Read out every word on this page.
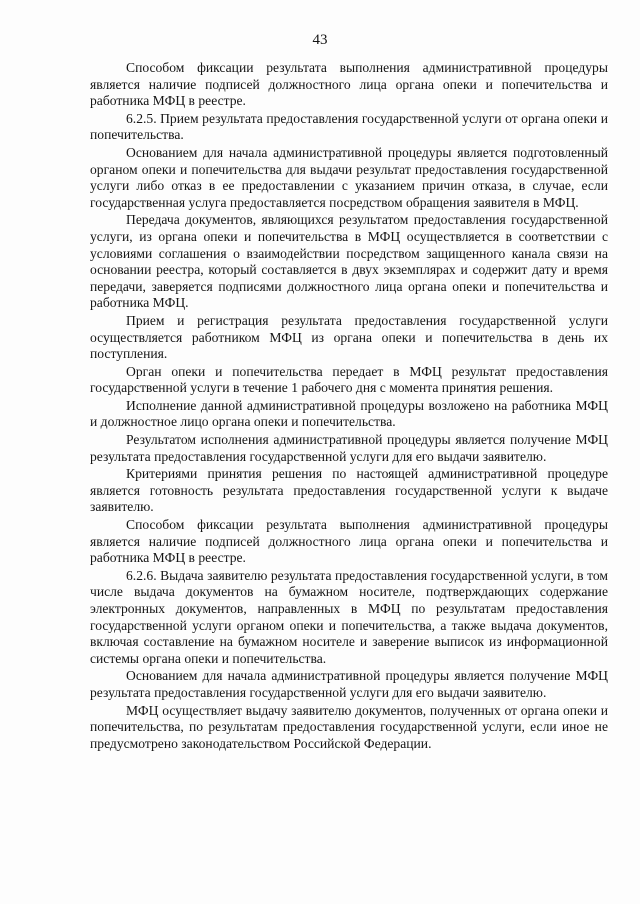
43

Способом фиксации результата выполнения административной процедуры является наличие подписей должностного лица органа опеки и попечительства и работника МФЦ в реестре.

6.2.5. Прием результата предоставления государственной услуги от органа опеки и попечительства.

Основанием для начала административной процедуры является подготовленный органом опеки и попечительства для выдачи результат предоставления государственной услуги либо отказ в ее предоставлении с указанием причин отказа, в случае, если государственная услуга предоставляется посредством обращения заявителя в МФЦ.

Передача документов, являющихся результатом предоставления государственной услуги, из органа опеки и попечительства в МФЦ осуществляется в соответствии с условиями соглашения о взаимодействии посредством защищенного канала связи на основании реестра, который составляется в двух экземплярах и содержит дату и время передачи, заверяется подписями должностного лица органа опеки и попечительства и работника МФЦ.

Прием и регистрация результата предоставления государственной услуги осуществляется работником МФЦ из органа опеки и попечительства в день их поступления.

Орган опеки и попечительства передает в МФЦ результат предоставления государственной услуги в течение 1 рабочего дня с момента принятия решения.

Исполнение данной административной процедуры возложено на работника МФЦ и должностное лицо органа опеки и попечительства.

Результатом исполнения административной процедуры является получение МФЦ результата предоставления государственной услуги для его выдачи заявителю.

Критериями принятия решения по настоящей административной процедуре является готовность результата предоставления государственной услуги к выдаче заявителю.

Способом фиксации результата выполнения административной процедуры является наличие подписей должностного лица органа опеки и попечительства и работника МФЦ в реестре.

6.2.6. Выдача заявителю результата предоставления государственной услуги, в том числе выдача документов на бумажном носителе, подтверждающих содержание электронных документов, направленных в МФЦ по результатам предоставления государственной услуги органом опеки и попечительства, а также выдача документов, включая составление на бумажном носителе и заверение выписок из информационной системы органа опеки и попечительства.

Основанием для начала административной процедуры является получение МФЦ результата предоставления государственной услуги для его выдачи заявителю.

МФЦ осуществляет выдачу заявителю документов, полученных от органа опеки и попечительства, по результатам предоставления государственной услуги, если иное не предусмотрено законодательством Российской Федерации.
